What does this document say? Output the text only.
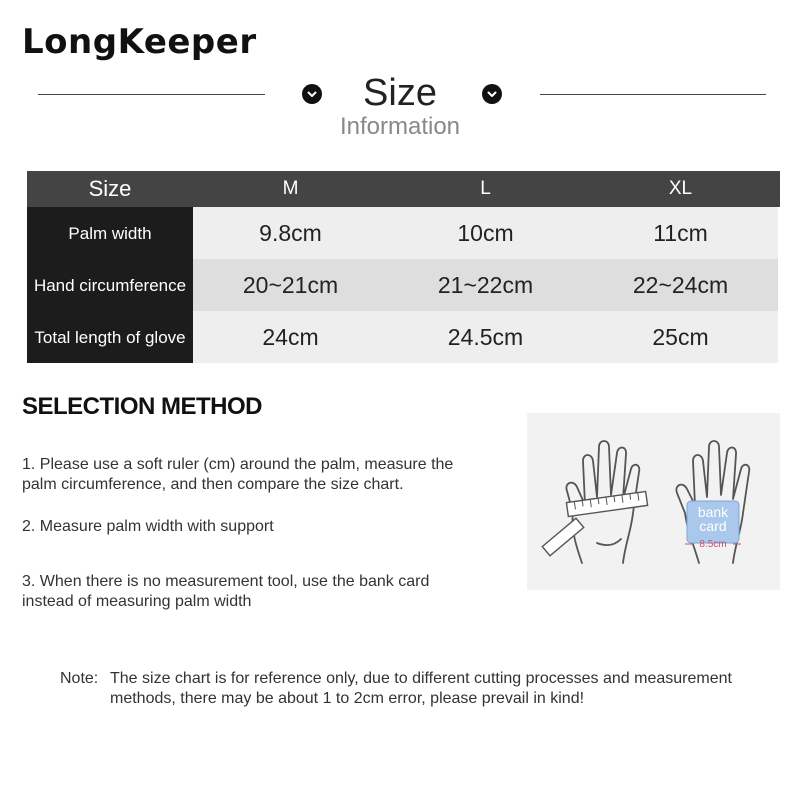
LongKeeper
Size
Information
Size	M	L	XL
Palm width	9.8cm	10cm	11cm
Hand circumference	20~21cm	21~22cm	22~24cm
Total length of glove	24cm	24.5cm	25cm
SELECTION METHOD
1. Please use a soft ruler (cm) around the palm, measure the palm circumference, and then compare the size chart.
2. Measure palm width with support
3. When there is no measurement tool, use the bank card instead of measuring palm width
bank
card
8.5cm
Note: The size chart is for reference only, due to different cutting processes and measurement methods, there may be about 1 to 2cm error, please prevail in kind!
